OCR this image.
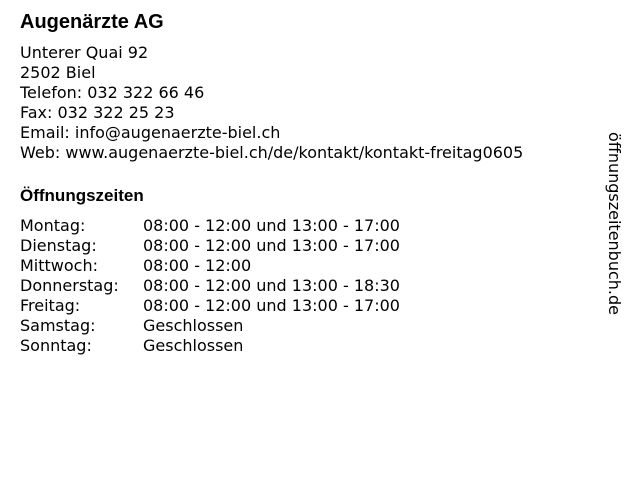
Augenärzte AG
Unterer Quai 92
2502 Biel
Telefon: 032 322 66 46
Fax: 032 322 25 23
Email: info@augenaerzte-biel.ch
Web: www.augenaerzte-biel.ch/de/kontakt/kontakt-freitag0605
Öffnungszeiten
Montag:	08:00 - 12:00 und 13:00 - 17:00
Dienstag:	08:00 - 12:00 und 13:00 - 17:00
Mittwoch:	08:00 - 12:00
Donnerstag:	08:00 - 12:00 und 13:00 - 18:30
Freitag:	08:00 - 12:00 und 13:00 - 17:00
Samstag:	Geschlossen
Sonntag:	Geschlossen
öffnungszeitenbuch.de
